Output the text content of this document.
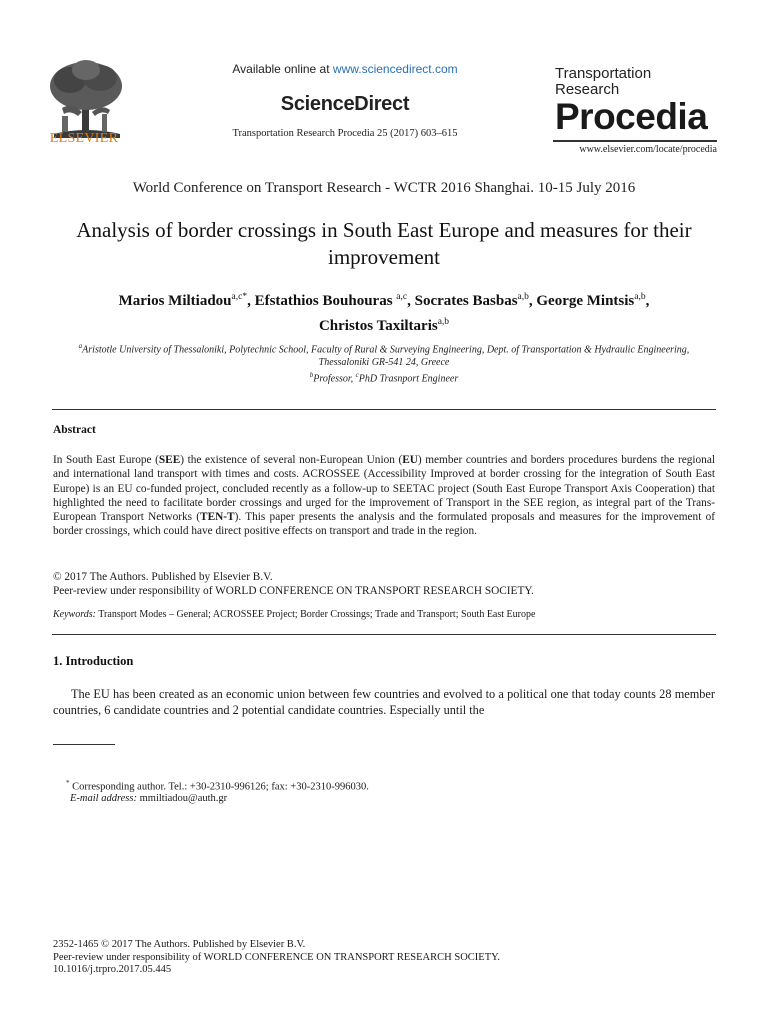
ELSEVIER
Available online at www.sciencedirect.com
ScienceDirect
Transportation Research Procedia 25 (2017) 603–615
Transportation
Research
Procedia
www.elsevier.com/locate/procedia
World Conference on Transport Research - WCTR 2016 Shanghai. 10-15 July 2016
Analysis of border crossings in South East Europe and measures for their improvement
Marios Miltiadou$^{a,c*}$, Efstathios Bouhouras $^{a,c}$, Socrates Basbas$^{a,b}$, George Mintsis$^{a,b}$,
Christos Taxiltaris$^{a,b}$
$^a$Aristotle University of Thessaloniki, Polytechnic School, Faculty of Rural & Surveying Engineering, Dept. of Transportation & Hydraulic Engineering, Thessaloniki GR-541 24, Greece
$^b$Professor, $^c$PhD Trasnport Engineer
Abstract
In South East Europe (SEE) the existence of several non-European Union (EU) member countries and borders procedures burdens the regional and international land transport with times and costs. ACROSSEE (Accessibility Improved at border crossing for the integration of South East Europe) is an EU co-funded project, concluded recently as a follow-up to SEETAC project (South East Europe Transport Axis Cooperation) that highlighted the need to facilitate border crossings and urged for the improvement of Transport in the SEE region, as integral part of the Trans-European Transport Networks (TEN-T). This paper presents the analysis and the formulated proposals and measures for the improvement of border crossings, which could have direct positive effects on transport and trade in the region.
© 2017 The Authors. Published by Elsevier B.V.
Peer-review under responsibility of WORLD CONFERENCE ON TRANSPORT RESEARCH SOCIETY.
Keywords: Transport Modes – General; ACROSSEE Project; Border Crossings; Trade and Transport; South East Europe
1. Introduction
The EU has been created as an economic union between few countries and evolved to a political one that today counts 28 member countries, 6 candidate countries and 2 potential candidate countries. Especially until the
* Corresponding author. Tel.: +30-2310-996126; fax: +30-2310-996030.
E-mail address: mmiltiadou@auth.gr
2352-1465 © 2017 The Authors. Published by Elsevier B.V.
Peer-review under responsibility of WORLD CONFERENCE ON TRANSPORT RESEARCH SOCIETY.
10.1016/j.trpro.2017.05.445
